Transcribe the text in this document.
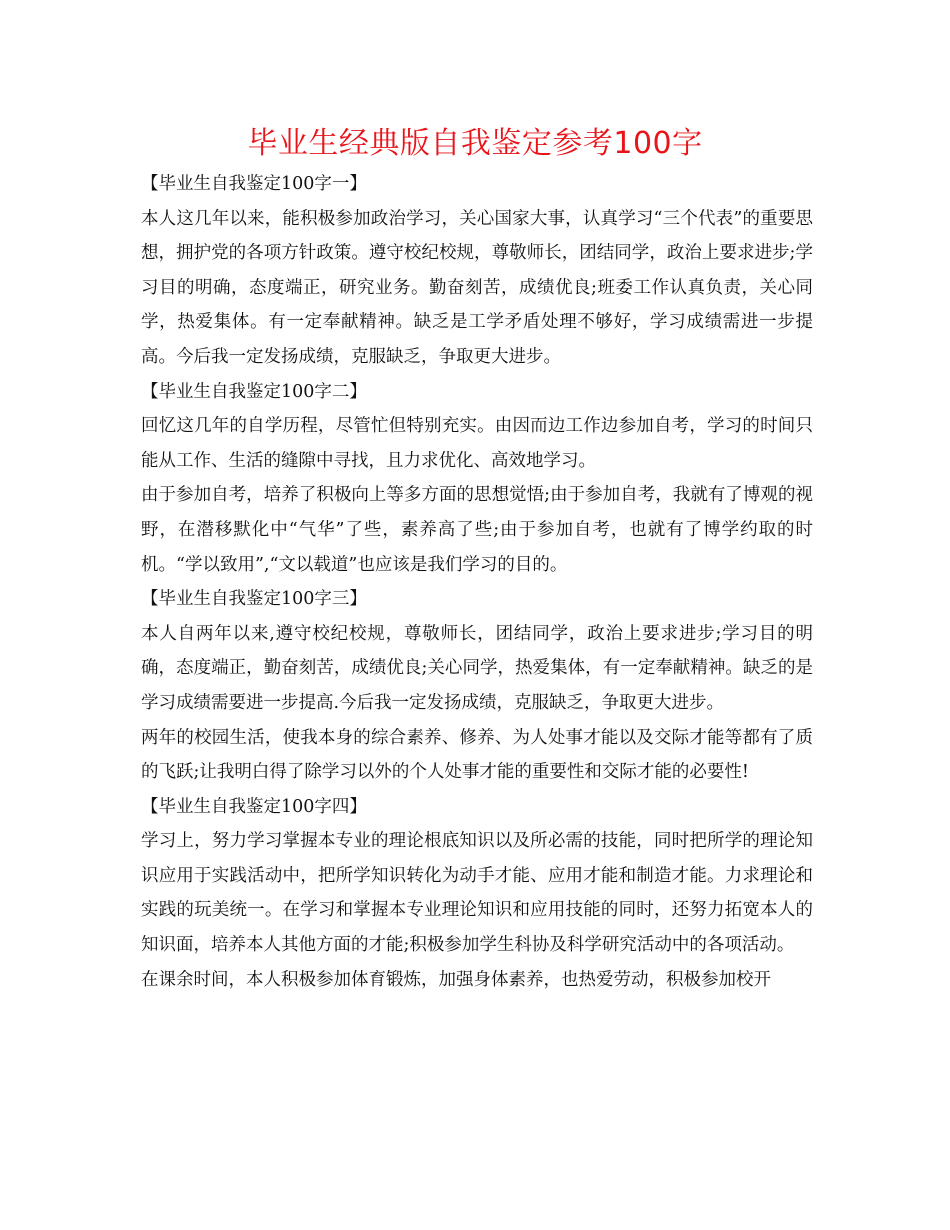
毕业生经典版自我鉴定参考100字

【毕业生自我鉴定100字一】

本人这几年以来，能积极参加政治学习，关心国家大事，认真学习“三个代表”的重要思想，拥护党的各项方针政策。遵守校纪校规，尊敬师长，团结同学，政治上要求进步;学习目的明确，态度端正，研究业务。勤奋刻苦，成绩优良;班委工作认真负责，关心同学，热爱集体。有一定奉献精神。缺乏是工学矛盾处理不够好，学习成绩需进一步提高。今后我一定发扬成绩，克服缺乏，争取更大进步。

【毕业生自我鉴定100字二】

回忆这几年的自学历程，尽管忙但特别充实。由因而边工作边参加自考，学习的时间只能从工作、生活的缝隙中寻找，且力求优化、高效地学习。

由于参加自考，培养了积极向上等多方面的思想觉悟;由于参加自考，我就有了博观的视野，在潜移默化中“气华”了些，素养高了些;由于参加自考，也就有了博学约取的时机。“学以致用”,“文以载道”也应该是我们学习的目的。

【毕业生自我鉴定100字三】

本人自两年以来,遵守校纪校规，尊敬师长，团结同学，政治上要求进步;学习目的明确，态度端正，勤奋刻苦，成绩优良;关心同学，热爱集体，有一定奉献精神。缺乏的是学习成绩需要进一步提高.今后我一定发扬成绩，克服缺乏，争取更大进步。

两年的校园生活，使我本身的综合素养、修养、为人处事才能以及交际才能等都有了质的飞跃;让我明白得了除学习以外的个人处事才能的重要性和交际才能的必要性!

【毕业生自我鉴定100字四】

学习上，努力学习掌握本专业的理论根底知识以及所必需的技能，同时把所学的理论知识应用于实践活动中，把所学知识转化为动手才能、应用才能和制造才能。力求理论和实践的玩美统一。在学习和掌握本专业理论知识和应用技能的同时，还努力拓宽本人的知识面，培养本人其他方面的才能;积极参加学生科协及科学研究活动中的各项活动。

在课余时间，本人积极参加体育锻炼，加强身体素养，也热爱劳动，积极参加校开
